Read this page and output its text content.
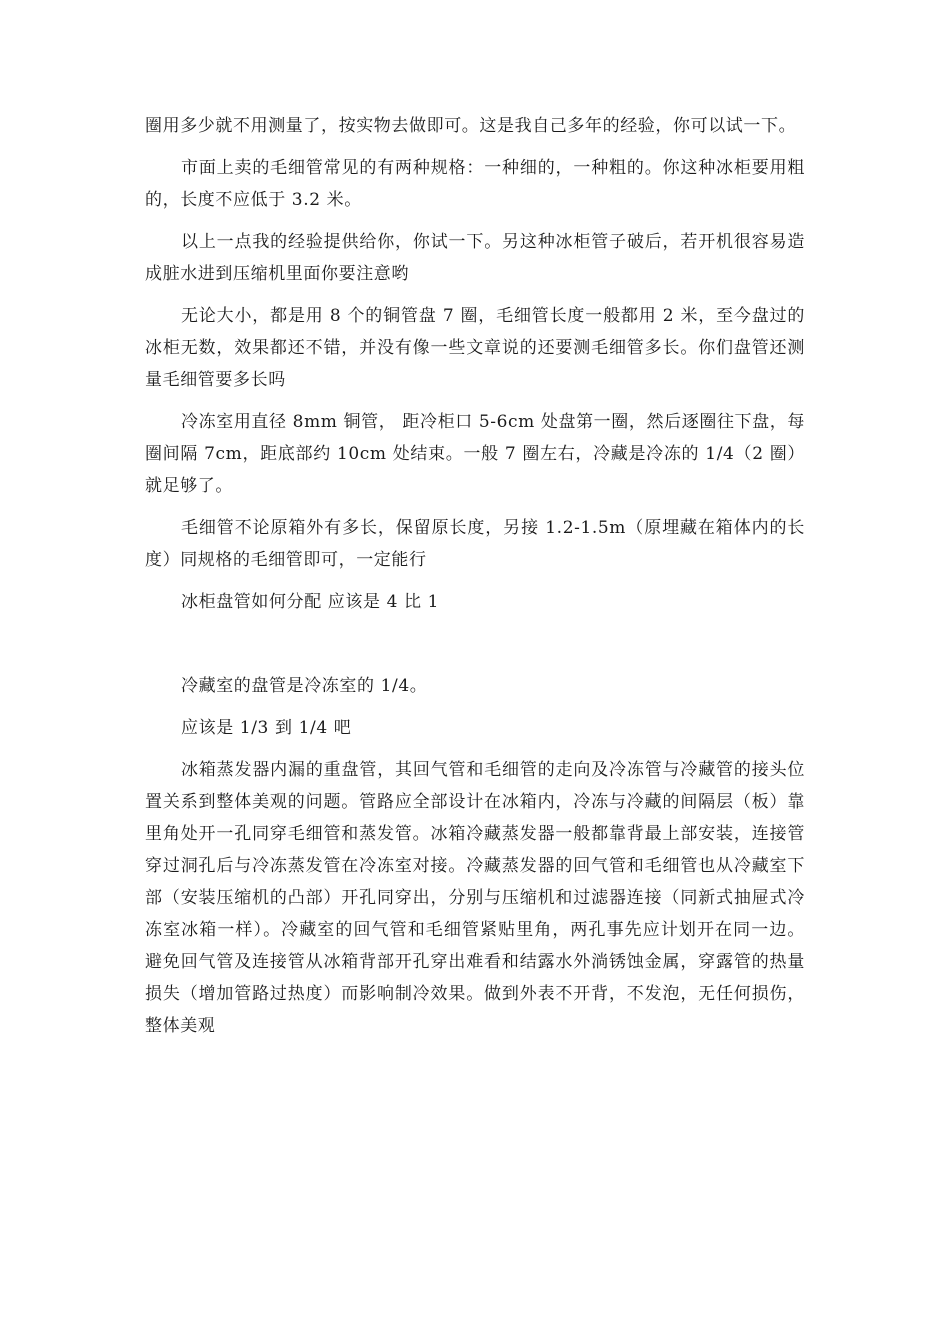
圈用多少就不用测量了，按实物去做即可。这是我自己多年的经验，你可以试一下。

市面上卖的毛细管常见的有两种规格：一种细的，一种粗的。你这种冰柜要用粗的，长度不应低于 3.2 米。

以上一点我的经验提供给你，你试一下。另这种冰柜管子破后，若开机很容易造成脏水进到压缩机里面你要注意哟

无论大小，都是用 8 个的铜管盘 7 圈，毛细管长度一般都用 2 米，至今盘过的冰柜无数，效果都还不错，并没有像一些文章说的还要测毛细管多长。你们盘管还测量毛细管要多长吗

冷冻室用直径 8mm 铜管， 距冷柜口 5-6cm 处盘第一圈，然后逐圈往下盘，每圈间隔 7cm，距底部约 10cm 处结束。一般 7 圈左右，冷藏是冷冻的 1/4（2 圈）就足够了。

毛细管不论原箱外有多长，保留原长度，另接 1.2-1.5m（原埋藏在箱体内的长度）同规格的毛细管即可，一定能行

冰柜盘管如何分配 应该是 4 比 1

冷藏室的盘管是冷冻室的 1/4。

应该是 1/3 到 1/4 吧

冰箱蒸发器内漏的重盘管，其回气管和毛细管的走向及冷冻管与冷藏管的接头位置关系到整体美观的问题。管路应全部设计在冰箱内，冷冻与冷藏的间隔层（板）靠里角处开一孔同穿毛细管和蒸发管。冰箱冷藏蒸发器一般都靠背最上部安装，连接管穿过洞孔后与冷冻蒸发管在冷冻室对接。冷藏蒸发器的回气管和毛细管也从冷藏室下部（安装压缩机的凸部）开孔同穿出，分别与压缩机和过滤器连接（同新式抽屉式冷冻室冰箱一样）。冷藏室的回气管和毛细管紧贴里角，两孔事先应计划开在同一边。避免回气管及连接管从冰箱背部开孔穿出难看和结露水外淌锈蚀金属，穿露管的热量损失（增加管路过热度）而影响制冷效果。做到外表不开背，不发泡，无任何损伤，整体美观
